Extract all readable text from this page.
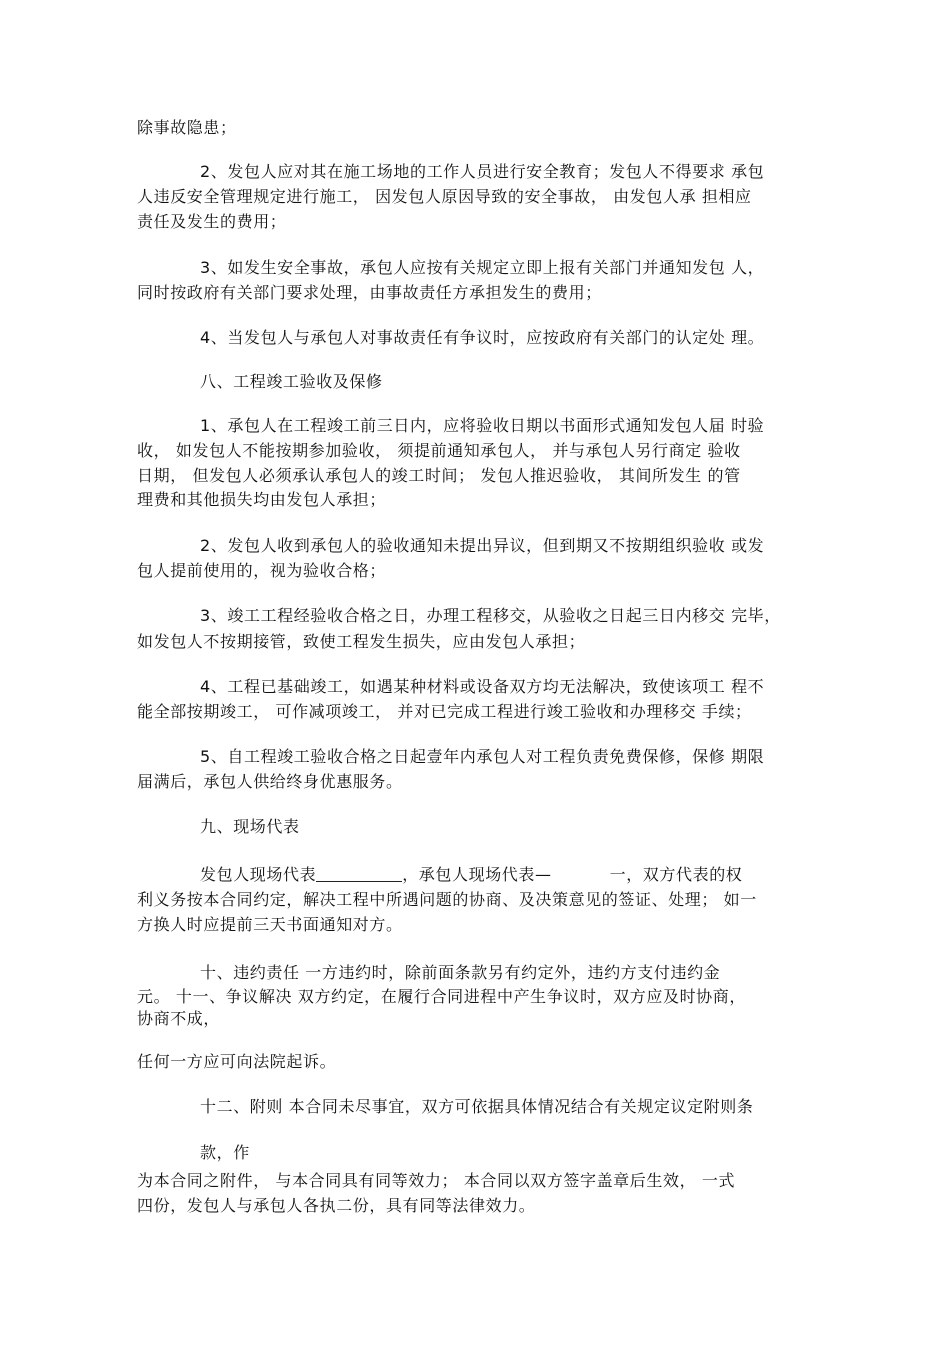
除事故隐患；
2、发包人应对其在施工场地的工作人员进行安全教育；发包人不得要求 承包
人违反安全管理规定进行施工， 因发包人原因导致的安全事故， 由发包人承 担相应
责任及发生的费用；
3、如发生安全事故，承包人应按有关规定立即上报有关部门并通知发包 人，
同时按政府有关部门要求处理，由事故责任方承担发生的费用；
4、当发包人与承包人对事故责任有争议时，应按政府有关部门的认定处 理。
八、工程竣工验收及保修
1、承包人在工程竣工前三日内，应将验收日期以书面形式通知发包人届 时验
收， 如发包人不能按期参加验收， 须提前通知承包人， 并与承包人另行商定 验收
日期， 但发包人必须承认承包人的竣工时间； 发包人推迟验收， 其间所发生 的管
理费和其他损失均由发包人承担；
2、发包人收到承包人的验收通知未提出异议，但到期又不按期组织验收 或发
包人提前使用的，视为验收合格；
3、竣工工程经验收合格之日，办理工程移交，从验收之日起三日内移交 完毕，
如发包人不按期接管，致使工程发生损失，应由发包人承担；
4、工程已基础竣工，如遇某种材料或设备双方均无法解决，致使该项工 程不
能全部按期竣工， 可作减项竣工， 并对已完成工程进行竣工验收和办理移交 手续；
5、自工程竣工验收合格之日起壹年内承包人对工程负责免费保修，保修 期限
届满后，承包人供给终身优惠服务。
九、现场代表
发包人现场代表	，承包人现场代表—	一，双方代表的权
利义务按本合同约定，解决工程中所遇问题的协商、及决策意见的签证、处理； 如一
方换人时应提前三天书面通知对方。
十、违约责任 一方违约时，除前面条款另有约定外，违约方支付违约金
元。 十一、争议解决 双方约定，在履行合同进程中产生争议时，双方应及时协商，
协商不成，
任何一方应可向法院起诉。
十二、附则 本合同未尽事宜，双方可依据具体情况结合有关规定议定附则条
款，作
为本合同之附件， 与本合同具有同等效力； 本合同以双方签字盖章后生效， 一式
四份，发包人与承包人各执二份，具有同等法律效力。
